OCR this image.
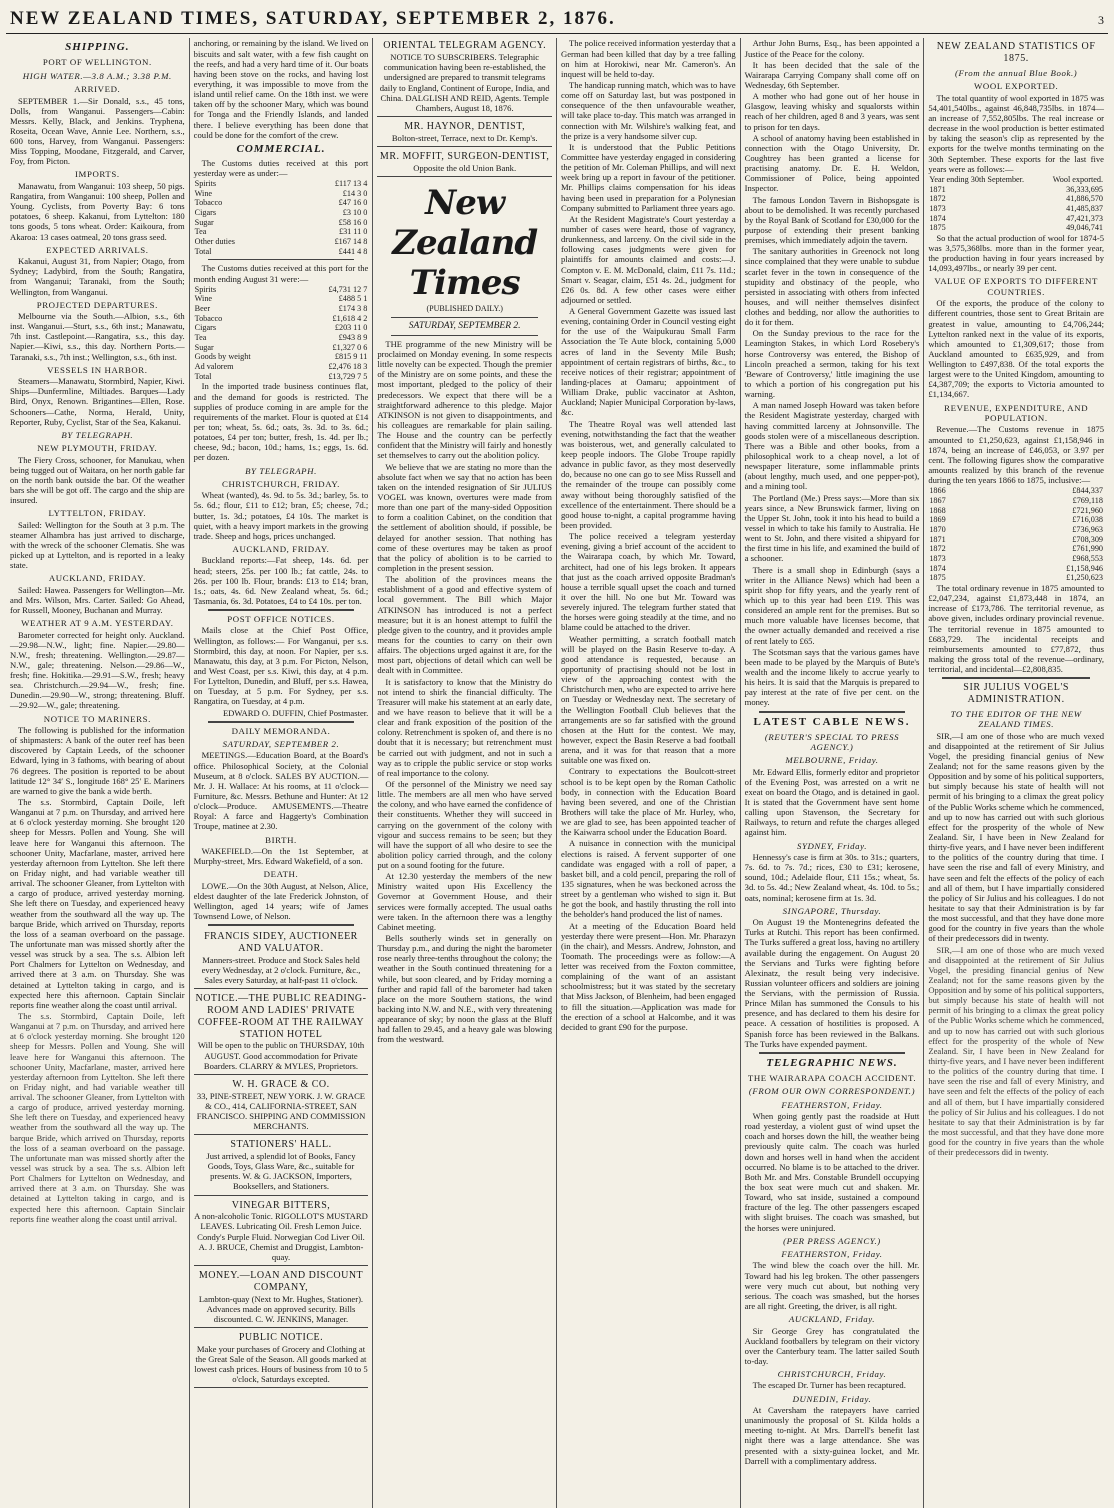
NEW ZEALAND TIMES, SATURDAY, SEPTEMBER 2, 1876.	3
SHIPPING.
PORT OF WELLINGTON.
HIGH WATER.—3.8 A.M.; 3.38 P.M.
ARRIVED.

SEPTEMBER 1.—Sir Donald, s.s., 45 tons, Dolls, from Wanganui. Passengers—Cabin: Messrs. Kelly, Black, and Jenkins. Tryphena, Roseita, Ocean Wave, Annie Lee. Northern, s.s., 600 tons, Harvey, from Wanganui. Passengers: Miss Topping, Moodane, Fitzgerald, and Carver, Foy, from Picton.

IMPORTS.

Manawatu, from Wanganui: 103 sheep, 50 pigs. Rangatira, from Wanganui: 100 sheep, Pollen and Young. Cyclists, from Poverty Bay: 6 tons potatoes, 6 sheep. Kakanui, from Lyttelton: 180 tons goods, 5 tons wheat. Order: Kaikoura, from Akaroa: 13 cases oatmeal, 20 tons grass seed.

EXPECTED ARRIVALS.

Kakanui, August 31, from Napier; Otago, from Sydney; Ladybird, from the South; Rangatira, from Wanganui; Taranaki, from the South; Wellington, from Wanganui.

PROJECTED DEPARTURES.

Melbourne via the South.—Albion, s.s., 6th inst. Wanganui.—Sturt, s.s., 6th inst.; Manawatu, 7th inst. Castlepoint.—Rangatira, s.s., this day. Napier.—Kiwi, s.s., this day. Northern Ports.—Taranaki, s.s., 7th inst.; Wellington, s.s., 6th inst.

VESSELS IN HARBOR.

Steamers—Manawatu, Stormbird, Napier, Kiwi. Ships—Dunfermline, Miltiades. Barques—Lady Bird, Onyx, Renown. Brigantines—Ellen, Rose. Schooners—Cathe, Norma, Herald, Unity, Reporter, Ruby, Cyclist, Star of the Sea, Kakanui.

BY TELEGRAPH.
NEW PLYMOUTH, FRIDAY.

The Fiery Cross, schooner, for Manukau, when being tugged out of Waitara, on her north gable far on the north bank outside the bar. Of the weather bars she will be got off. The cargo and the ship are insured.

LYTTELTON, FRIDAY.

Sailed: Wellington for the South at 3 p.m. The steamer Alhambra has just arrived to discharge, with the wreck of the schooner Clematis. She was picked up at Lyttelton, and is reported in a leaky state.

AUCKLAND, FRIDAY.

Sailed: Hawea. Passengers for Wellington—Mr. and Mrs. Wilson, Mrs. Carter. Sailed: Go Ahead, for Russell, Mooney, Buchanan and Murray.

WEATHER AT 9 A.M. YESTERDAY.

Barometer corrected for height only. Auckland.—29.98—N.W., light; fine. Napier.—29.80—N.W., fresh; threatening. Wellington.—29.87—N.W., gale; threatening. Nelson.—29.86—W., fresh; fine. Hokitika.—29.91—S.W., fresh; heavy sea. Christchurch.—29.94—W., fresh; fine. Dunedin.—29.90—W., strong; threatening. Bluff.—29.92—W., gale; threatening.

NOTICE TO MARINERS.

The following is published for the information of shipmasters: A bank of the outer reef has been discovered by Captain Leeds, of the schooner Edward, lying in 3 fathoms, with bearing of about 76 degrees. The position is reported to be about latitude 12° 34′ S., longitude 168° 25′ E. Mariners are warned to give the bank a wide berth.

The s.s. Stormbird, Captain Doile, left Wanganui at 7 p.m. on Thursday, and arrived here at 6 o'clock yesterday morning. She brought 120 sheep for Messrs. Pollen and Young. She will leave here for Wanganui this afternoon. The schooner Unity, Macfarlane, master, arrived here yesterday afternoon from Lyttelton. She left there on Friday night, and had variable weather till arrival. The schooner Gleaner, from Lyttelton with a cargo of produce, arrived yesterday morning. She left there on Tuesday, and experienced heavy weather from the southward all the way up. The barque Bride, which arrived on Thursday, reports the loss of a seaman overboard on the passage. The unfortunate man was missed shortly after the vessel was struck by a sea. The s.s. Albion left Port Chalmers for Lyttelton on Wednesday, and arrived there at 3 a.m. on Thursday. She was detained at Lyttelton taking in cargo, and is expected here this afternoon. Captain Sinclair reports fine weather along the coast until arrival.

The s.s. Stormbird, Captain Doile, left Wanganui at 7 p.m. on Thursday, and arrived here at 6 o'clock yesterday morning. She brought 120 sheep for Messrs. Pollen and Young. She will leave here for Wanganui this afternoon. The schooner Unity, Macfarlane, master, arrived here yesterday afternoon from Lyttelton. She left there on Friday night, and had variable weather till arrival. The schooner Gleaner, from Lyttelton with a cargo of produce, arrived yesterday morning. She left there on Tuesday, and experienced heavy weather from the southward all the way up. The barque Bride, which arrived on Thursday, reports the loss of a seaman overboard on the passage. The unfortunate man was missed shortly after the vessel was struck by a sea. The s.s. Albion left Port Chalmers for Lyttelton on Wednesday, and arrived there at 3 a.m. on Thursday. She was detained at Lyttelton taking in cargo, and is expected here this afternoon. Captain Sinclair reports fine weather along the coast until arrival.

anchoring, or remaining by the island. We lived on biscuits and salt water, with a few fish caught on the reefs, and had a very hard time of it. Our boats having been stove on the rocks, and having lost everything, it was impossible to move from the island until relief came. On the 18th inst. we were taken off by the schooner Mary, which was bound for Tonga and the Friendly Islands, and landed there. I believe everything has been done that could be done for the comfort of the crew.

COMMERCIAL.

The Customs duties received at this port yesterday were as under:—

Spirits	£117 13 4
Wine	£14 3 0
Tobacco	£47 16 0
Cigars	£3 10 0
Sugar	£58 16 0
Tea	£31 11 0
Other duties	£167 14 8
Total	£441 4 8

The Customs duties received at this port for the month ending August 31 were:—

Spirits	£4,731 12 7
Wine	£488 5 1
Beer	£174 3 8
Tobacco	£1,618 4 2
Cigars	£203 11 0
Tea	£943 8 9
Sugar	£1,327 0 6
Goods by weight	£815 9 11
Ad valorem	£2,476 18 3
Total	£13,729 7 5

In the imported trade business continues flat, and the demand for goods is restricted. The supplies of produce coming in are ample for the requirements of the market. Flour is quoted at £14 per ton; wheat, 5s. 6d.; oats, 3s. 3d. to 3s. 6d.; potatoes, £4 per ton; butter, fresh, 1s. 4d. per lb.; cheese, 9d.; bacon, 10d.; hams, 1s.; eggs, 1s. 6d. per dozen.

BY TELEGRAPH.
CHRISTCHURCH, FRIDAY.

Wheat (wanted), 4s. 9d. to 5s. 3d.; barley, 5s. to 5s. 6d.; flour, £11 to £12; bran, £5; cheese, 7d.; butter, 1s. 3d.; potatoes, £4 10s. The market is quiet, with a heavy import markets in the growing trade. Sheep and hogs, prices unchanged.

AUCKLAND, FRIDAY.

Buckland reports:—Fat sheep, 14s. 6d. per head; steers, 25s. per 100 lb.; fat cattle, 24s. to 26s. per 100 lb. Flour, brands: £13 to £14; bran, 1s.; oats, 4s. 6d. New Zealand wheat, 5s. 6d.; Tasmania, 6s. 3d. Potatoes, £4 to £4 10s. per ton.

POST OFFICE NOTICES.

Mails close at the Chief Post Office, Wellington, as follows:— For Wanganui, per s.s. Stormbird, this day, at noon. For Napier, per s.s. Manawatu, this day, at 3 p.m. For Picton, Nelson, and West Coast, per s.s. Kiwi, this day, at 4 p.m. For Lyttelton, Dunedin, and Bluff, per s.s. Hawea, on Tuesday, at 5 p.m. For Sydney, per s.s. Rangatira, on Tuesday, at 4 p.m.

EDWARD O. DUFFIN, Chief Postmaster.

DAILY MEMORANDA.
SATURDAY, SEPTEMBER 2.

MEETINGS.—Education Board, at the Board's office. Philosophical Society, at the Colonial Museum, at 8 o'clock. SALES BY AUCTION.—Mr. J. H. Wallace: At his rooms, at 11 o'clock—Furniture, &c. Messrs. Bethune and Hunter: At 12 o'clock—Produce. AMUSEMENTS.—Theatre Royal: A farce and Haggerty's Combination Troupe, matinee at 2.30.

BIRTH.

WAKEFIELD.—On the 1st September, at Murphy-street, Mrs. Edward Wakefield, of a son.

DEATH.

LOWE.—On the 30th August, at Nelson, Alice, eldest daughter of the late Frederick Johnston, of Wellington, aged 14 years; wife of James Townsend Lowe, of Nelson.

FRANCIS SIDEY, AUCTIONEER AND VALUATOR.
Manners-street. Produce and Stock Sales held every Wednesday, at 2 o'clock. Furniture, &c., Sales every Saturday, at half-past 11 o'clock.
NOTICE.—THE PUBLIC READING-ROOM AND LADIES' PRIVATE COFFEE-ROOM AT THE RAILWAY STATION HOTEL
Will be open to the public on THURSDAY, 10th AUGUST. Good accommodation for Private Boarders. CLARRY & MYLES, Proprietors.
W. H. GRACE & CO.
33, PINE-STREET, NEW YORK. J. W. GRACE & CO., 414, CALIFORNIA-STREET, SAN FRANCISCO. SHIPPING AND COMMISSION MERCHANTS.
STATIONERS' HALL.
Just arrived, a splendid lot of Books, Fancy Goods, Toys, Glass Ware, &c., suitable for presents. W. & G. JACKSON, Importers, Booksellers, and Stationers.
VINEGAR BITTERS,
A non-alcoholic Tonic. RIGOLLOT'S MUSTARD LEAVES. Lubricating Oil. Fresh Lemon Juice. Condy's Purple Fluid. Norwegian Cod Liver Oil. A. J. BRUCE, Chemist and Druggist, Lambton-quay.
MONEY.—LOAN AND DISCOUNT COMPANY,
Lambton-quay (Next to Mr. Hughes, Stationer). Advances made on approved security. Bills discounted. C. W. JENKINS, Manager.
PUBLIC NOTICE.
Make your purchases of Grocery and Clothing at the Great Sale of the Season. All goods marked at lowest cash prices. Hours of business from 10 to 5 o'clock, Saturdays excepted.
ORIENTAL TELEGRAM AGENCY.
NOTICE TO SUBSCRIBERS. Telegraphic communication having been re-established, the undersigned are prepared to transmit telegrams daily to England, Continent of Europe, India, and China. DALGLISH AND REID, Agents. Temple Chambers, August 18, 1876.
MR. HAYNOR, DENTIST,
Bolton-street, Terrace, next to Dr. Kemp's.
MR. MOFFIT, SURGEON-DENTIST,
Opposite the old Union Bank.
New Zealand Times
(PUBLISHED DAILY.)
SATURDAY, SEPTEMBER 2.

THE programme of the new Ministry will be proclaimed on Monday evening. In some respects little novelty can be expected. Though the premier of the Ministry are on some points, and these the most important, pledged to the policy of their predecessors. We expect that there will be a straightforward adherence to this pledge. Major ATKINSON is not given to disappointments, and his colleagues are remarkable for plain sailing. The House and the country can be perfectly confident that the Ministry will fairly and honestly set themselves to carry out the abolition policy.

We believe that we are stating no more than the absolute fact when we say that no action has been taken on the intended resignation of Sir JULIUS VOGEL was known, overtures were made from more than one part of the many-sided Opposition to form a coalition Cabinet, on the condition that the settlement of abolition should, if possible, be delayed for another session. That nothing has come of these overtures may be taken as proof that the policy of abolition is to be carried to completion in the present session.

The abolition of the provinces means the establishment of a good and effective system of local government. The Bill which Major ATKINSON has introduced is not a perfect measure; but it is an honest attempt to fulfil the pledge given to the country, and it provides ample means for the counties to carry on their own affairs. The objections urged against it are, for the most part, objections of detail which can well be dealt with in Committee.

It is satisfactory to know that the Ministry do not intend to shirk the financial difficulty. The Treasurer will make his statement at an early date, and we have reason to believe that it will be a clear and frank exposition of the position of the colony. Retrenchment is spoken of, and there is no doubt that it is necessary; but retrenchment must be carried out with judgment, and not in such a way as to cripple the public service or stop works of real importance to the colony.

Of the personnel of the Ministry we need say little. The members are all men who have served the colony, and who have earned the confidence of their constituents. Whether they will succeed in carrying on the government of the colony with vigour and success remains to be seen; but they will have the support of all who desire to see the abolition policy carried through, and the colony put on a sound footing for the future.

At 12.30 yesterday the members of the new Ministry waited upon His Excellency the Governor at Government House, and their services were formally accepted. The usual oaths were taken. In the afternoon there was a lengthy Cabinet meeting.

Bells southerly winds set in generally on Thursday p.m., and during the night the barometer rose nearly three-tenths throughout the colony; the weather in the South continued threatening for a while, but soon cleared, and by Friday morning a further and rapid fall of the barometer had taken place on the more Southern stations, the wind backing into N.W. and N.E., with very threatening appearance of sky; by noon the glass at the Bluff had fallen to 29.45, and a heavy gale was blowing from the westward.

The police received information yesterday that a German had been killed that day by a tree falling on him at Horokiwi, near Mr. Cameron's. An inquest will be held to-day.

The handicap running match, which was to have come off on Saturday last, but was postponed in consequence of the then unfavourable weather, will take place to-day. This match was arranged in connection with Mr. Wilshire's walking feat, and the prize is a very handsome silver cup.

It is understood that the Public Petitions Committee have yesterday engaged in considering the petition of Mr. Coleman Phillips, and will next week bring up a report in favour of the petitioner. Mr. Phillips claims compensation for his ideas having been used in preparation for a Polynesian Company submitted to Parliament three years ago.

At the Resident Magistrate's Court yesterday a number of cases were heard, those of vagrancy, drunkenness, and larceny. On the civil side in the following cases judgments were given for plaintiffs for amounts claimed and costs:—J. Compton v. E. M. McDonald, claim, £11 7s. 11d.; Smart v. Seagar, claim, £51 4s. 2d., judgment for £26 0s. 8d. A few other cases were either adjourned or settled.

A General Government Gazette was issued last evening, containing Order in Council vesting eight for the use of the Waipukurau Small Farm Association the Te Aute block, containing 5,000 acres of land in the Seventy Mile Bush; appointment of certain registrars of births, &c., to receive notices of their registrar; appointment of landing-places at Oamaru; appointment of William Drake, public vaccinator at Ashton, Auckland; Napier Municipal Corporation by-laws, &c.

The Theatre Royal was well attended last evening, notwithstanding the fact that the weather was boisterous, wet, and generally calculated to keep people indoors. The Globe Troupe rapidly advance in public favor, as they most deservedly do, because no one can go to see Miss Russell and the remainder of the troupe can possibly come away without being thoroughly satisfied of the excellence of the entertainment. There should be a good house to-night, a capital programme having been provided.

The police received a telegram yesterday evening, giving a brief account of the accident to the Wairarapa coach, by which Mr. Toward, architect, had one of his legs broken. It appears that just as the coach arrived opposite Bradman's house a terrible squall upset the coach and turned it over the hill. No one but Mr. Toward was severely injured. The telegram further stated that the horses were going steadily at the time, and no blame could be attached to the driver.

Weather permitting, a scratch football match will be played on the Basin Reserve to-day. A good attendance is requested, because an opportunity of practising should not be lost in view of the approaching contest with the Christchurch men, who are expected to arrive here on Tuesday or Wednesday next. The secretary of the Wellington Football Club believes that the arrangements are so far satisfied with the ground chosen at the Hutt for the contest. We may, however, expect the Basin Reserve a bad football arena, and it was for that reason that a more suitable one was fixed on.

Contrary to expectations the Boulcott-street school is to be kept open by the Roman Catholic body, in connection with the Education Board having been severed, and one of the Christian Brothers will take the place of Mr. Hurley, who, we are glad to see, has been appointed teacher of the Kaiwarra school under the Education Board.

A nuisance in connection with the municipal elections is raised. A fervent supporter of one candidate was engaged with a roll of paper, a basket bill, and a cold pencil, preparing the roll of 135 signatures, when he was beckoned across the street by a gentleman who wished to sign it. But he got the book, and hastily thrusting the roll into the beholder's hand produced the list of names.

At a meeting of the Education Board held yesterday there were present—Hon. Mr. Pharazyn (in the chair), and Messrs. Andrew, Johnston, and Toomath. The proceedings were as follow:—A letter was received from the Foxton committee, complaining of the want of an assistant schoolmistress; but it was stated by the secretary that Miss Jackson, of Blenheim, had been engaged to fill the situation.—Application was made for the erection of a school at Halcombe, and it was decided to grant £90 for the purpose.

Arthur John Burns, Esq., has been appointed a Justice of the Peace for the colony.

It has been decided that the sale of the Wairarapa Carrying Company shall come off on Wednesday, 6th September.

A mother who had gone out of her house in Glasgow, leaving whisky and squalorsts within reach of her children, aged 8 and 3 years, was sent to prison for ten days.

A school of anatomy having been established in connection with the Otago University, Dr. Coughtrey has been granted a license for practising anatomy. Dr. E. H. Weldon, Commissioner of Police, being appointed Inspector.

The famous London Tavern in Bishopsgate is about to be demolished. It was recently purchased by the Royal Bank of Scotland for £30,000 for the purpose of extending their present banking premises, which immediately adjoin the tavern.

The sanitary authorities in Greenock not long since complained that they were unable to subdue scarlet fever in the town in consequence of the stupidity and obstinacy of the people, who persisted in associating with others from infected houses, and will neither themselves disinfect clothes and bedding, nor allow the authorities to do it for them.

On the Sunday previous to the race for the Leamington Stakes, in which Lord Rosebery's horse Controversy was entered, the Bishop of Lincoln preached a sermon, taking for his text 'Beware of Controversy,' little imagining the use to which a portion of his congregation put his warning.

A man named Joseph Howard was taken before the Resident Magistrate yesterday, charged with having committed larceny at Johnsonville. The goods stolen were of a miscellaneous description. There was a Bible and other books, from a philosophical work to a cheap novel, a lot of newspaper literature, some inflammable prints (about lengthy, much used, and one pepper-pot), and a mining tool.

The Portland (Me.) Press says:—More than six years since, a New Brunswick farmer, living on the Upper St. John, took it into his head to build a vessel in which to take his family to Australia. He went to St. John, and there visited a shipyard for the first time in his life, and examined the build of a schooner.

There is a small shop in Edinburgh (says a writer in the Alliance News) which had been a spirit shop for fifty years, and the yearly rent of which up to this year had been £19. This was considered an ample rent for the premises. But so much more valuable have licenses become, that the owner actually demanded and received a rise of rent lately to £65.

The Scotsman says that the various games have been made to be played by the Marquis of Bute's wealth and the income likely to accrue yearly to his heirs. It is said that the Marquis is prepared to pay interest at the rate of five per cent. on the money.

LATEST CABLE NEWS.
(REUTER'S SPECIAL TO PRESS AGENCY.)
MELBOURNE, Friday.

Mr. Edward Ellis, formerly editor and proprietor of the Evening Post, was arrested on a writ ne exeat on board the Otago, and is detained in gaol. It is stated that the Government have sent home calling upon Stavenson, the Secretary for Railways, to return and refute the charges alleged against him.

SYDNEY, Friday.

Hennessy's case is firm at 30s. to 31s.; quarters, 7s. 6d. to 7s. 7d.; rices, £30 to £31; kerosene, sound, 10d.; Adelaide flour, £11 15s.; wheat, 5s. 3d. to 5s. 4d.; New Zealand wheat, 4s. 10d. to 5s.; oats, nominal; kerosene firm at 1s. 3d.

SINGAPORE, Thursday.

On August 19 the Montenegrins defeated the Turks at Rutchi. This report has been confirmed. The Turks suffered a great loss, having no artillery available during the engagement. On August 20 the Servians and Turks were fighting before Alexinatz, the result being very indecisive. Russian volunteer officers and soldiers are joining the Servians, with the permission of Russia. Prince Milan has summoned the Consuls to his presence, and has declared to them his desire for peace. A cessation of hostilities is proposed. A Spanish force has been reviewed in the Balkans. The Turks have expended payment.

TELEGRAPHIC NEWS.
THE WAIRARAPA COACH ACCIDENT.
(FROM OUR OWN CORRESPONDENT.)
FEATHERSTON, Friday.

When going gently past the roadside at Hutt road yesterday, a violent gust of wind upset the coach and horses down the hill, the weather being previously quite calm. The coach was hurled down and horses well in hand when the accident occurred. No blame is to be attached to the driver. Both Mr. and Mrs. Constable Brundell occupying the box seat were much cut and shaken. Mr. Toward, who sat inside, sustained a compound fracture of the leg. The other passengers escaped with slight bruises. The coach was smashed, but the horses were uninjured.

(PER PRESS AGENCY.)
FEATHERSTON, Friday.

The wind blew the coach over the hill. Mr. Toward had his leg broken. The other passengers were very much cut about, but nothing very serious. The coach was smashed, but the horses are all right. Greeting, the driver, is all right.

AUCKLAND, Friday.

Sir George Grey has congratulated the Auckland footballers by telegram on their victory over the Canterbury team. The latter sailed South to-day.

CHRISTCHURCH, Friday.

The escaped Dr. Turner has been recaptured.

DUNEDIN, Friday.

At Caversham the ratepayers have carried unanimously the proposal of St. Kilda holds a meeting to-night. At Mrs. Darrell's benefit last night there was a large attendance. She was presented with a sixty-guinea locket, and Mr. Darrell with a complimentary address.

NEW ZEALAND STATISTICS OF 1875.
(From the annual Blue Book.)
WOOL EXPORTED.

The total quantity of wool exported in 1875 was 54,401,540lbs., against 46,848,735lbs. in 1874—an increase of 7,552,805lbs. The real increase or decrease in the wool production is better estimated by taking the season's clip as represented by the exports for the twelve months terminating on the 30th September. These exports for the last five years were as follows:—

Year ending 30th September.	Wool exported.
1871	36,333,695
1872	41,886,570
1873	41,485,837
1874	47,421,373
1875	49,046,741

So that the actual production of wool for 1874-5 was 3,575,368lbs. more than in the former year, the production having in four years increased by 14,093,497lbs., or nearly 39 per cent.

VALUE OF EXPORTS TO DIFFERENT COUNTRIES.

Of the exports, the produce of the colony to different countries, those sent to Great Britain are greatest in value, amounting to £4,706,244; Lyttelton ranked next in the value of its exports, which amounted to £1,309,617; those from Auckland amounted to £635,929, and from Wellington to £497,838. Of the total exports the largest were to the United Kingdom, amounting to £4,387,709; the exports to Victoria amounted to £1,134,667.

REVENUE, EXPENDITURE, AND POPULATION.

Revenue.—The Customs revenue in 1875 amounted to £1,250,623, against £1,158,946 in 1874, being an increase of £46,053, or 3.97 per cent. The following figures show the comparative amounts realized by this branch of the revenue during the ten years 1866 to 1875, inclusive:—

1866	£844,337
1867	£769,118
1868	£721,960
1869	£716,038
1870	£736,963
1871	£708,309
1872	£761,990
1873	£968,553
1874	£1,158,946
1875	£1,250,623

The total ordinary revenue in 1875 amounted to £2,047,234, against £1,873,448 in 1874, an increase of £173,786. The territorial revenue, as above given, includes ordinary provincial revenue. The territorial revenue in 1875 amounted to £683,729. The incidental receipts and reimbursements amounted to £77,872, thus making the gross total of the revenue—ordinary, territorial, and incidental—£2,808,835.

SIR JULIUS VOGEL'S ADMINISTRATION.
TO THE EDITOR OF THE NEW ZEALAND TIMES.

SIR,—I am one of those who are much vexed and disappointed at the retirement of Sir Julius Vogel, the presiding financial genius of New Zealand; not for the same reasons given by the Opposition and by some of his political supporters, but simply because his state of health will not permit of his bringing to a climax the great policy of the Public Works scheme which he commenced, and up to now has carried out with such glorious effect for the prosperity of the whole of New Zealand. Sir, I have been in New Zealand for thirty-five years, and I have never been indifferent to the politics of the country during that time. I have seen the rise and fall of every Ministry, and have seen and felt the effects of the policy of each and all of them, but I have impartially considered the policy of Sir Julius and his colleagues. I do not hesitate to say that their Administration is by far the most successful, and that they have done more good for the country in five years than the whole of their predecessors did in twenty.

SIR,—I am one of those who are much vexed and disappointed at the retirement of Sir Julius Vogel, the presiding financial genius of New Zealand; not for the same reasons given by the Opposition and by some of his political supporters, but simply because his state of health will not permit of his bringing to a climax the great policy of the Public Works scheme which he commenced, and up to now has carried out with such glorious effect for the prosperity of the whole of New Zealand. Sir, I have been in New Zealand for thirty-five years, and I have never been indifferent to the politics of the country during that time. I have seen the rise and fall of every Ministry, and have seen and felt the effects of the policy of each and all of them, but I have impartially considered the policy of Sir Julius and his colleagues. I do not hesitate to say that their Administration is by far the most successful, and that they have done more good for the country in five years than the whole of their predecessors did in twenty.
